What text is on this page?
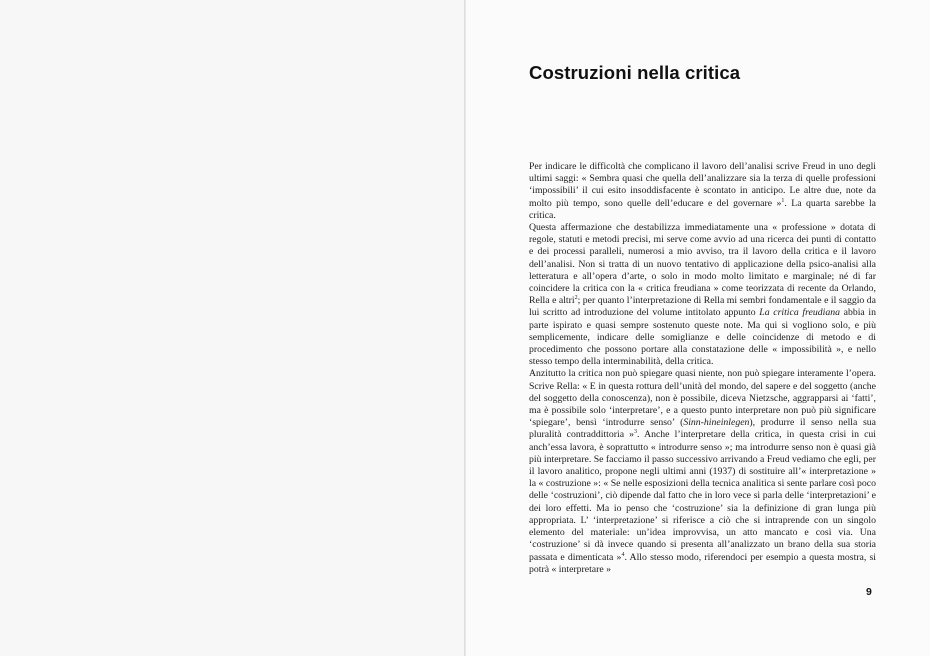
Costruzioni nella critica

Per indicare le difficoltà che complicano il lavoro dell’analisi scrive Freud in uno degli ultimi saggi: « Sembra quasi che quella dell’analizzare sia la terza di quelle professioni ‘impossibili’ il cui esito insoddisfacente è scontato in anticipo. Le altre due, note da molto più tempo, sono quelle dell’educare e del governare »$^1$. La quarta sarebbe la critica.

Questa affermazione che destabilizza immediatamente una « professione » dotata di regole, statuti e metodi precisi, mi serve come avvio ad una ricerca dei punti di contatto e dei processi paralleli, numerosi a mio avviso, tra il lavoro della critica e il lavoro dell’analisi. Non si tratta di un nuovo tentativo di applicazione della psico-analisi alla letteratura e all’opera d’arte, o solo in modo molto limitato e marginale; né di far coincidere la critica con la « critica freudiana » come teorizzata di recente da Orlando, Rella e altri$^2$; per quanto l’interpretazione di Rella mi sembri fondamentale e il saggio da lui scritto ad introduzione del volume intitolato appunto La critica freudiana abbia in parte ispirato e quasi sempre sostenuto queste note. Ma qui si vogliono solo, e più semplicemente, indicare delle somiglianze e delle coincidenze di metodo e di procedimento che possono portare alla constatazione delle « impossibilità », e nello stesso tempo della interminabilità, della critica.

Anzitutto la critica non può spiegare quasi niente, non può spiegare interamente l’opera. Scrive Rella: « E in questa rottura dell’unità del mondo, del sapere e del soggetto (anche del soggetto della conoscenza), non è possibile, diceva Nietzsche, aggrapparsi ai ‘fatti’, ma è possibile solo ‘interpretare’, e a questo punto interpretare non può più significare ‘spiegare’, bensì ‘introdurre senso’ (Sinn-hineinlegen), produrre il senso nella sua pluralità contraddittoria »$^3$. Anche l’interpretare della critica, in questa crisi in cui anch’essa lavora, è soprattutto « introdurre senso »; ma introdurre senso non è quasi già più interpretare. Se facciamo il passo successivo arrivando a Freud vediamo che egli, per il lavoro analitico, propone negli ultimi anni (1937) di sostituire all’« interpretazione » la « costruzione »: « Se nelle esposizioni della tecnica analitica si sente parlare così poco delle ‘costruzioni’, ciò dipende dal fatto che in loro vece si parla delle ‘interpretazioni’ e dei loro effetti. Ma io penso che ‘costruzione’ sia la definizione di gran lunga più appropriata. L’ ‘interpretazione’ si riferisce a ciò che si intraprende con un singolo elemento del materiale: un’idea improvvisa, un atto mancato e così via. Una ‘costruzione’ si dà invece quando si presenta all’analizzato un brano della sua storia passata e dimenticata »$^4$. Allo stesso modo, riferendoci per esempio a questa mostra, si potrà « interpretare »

9
